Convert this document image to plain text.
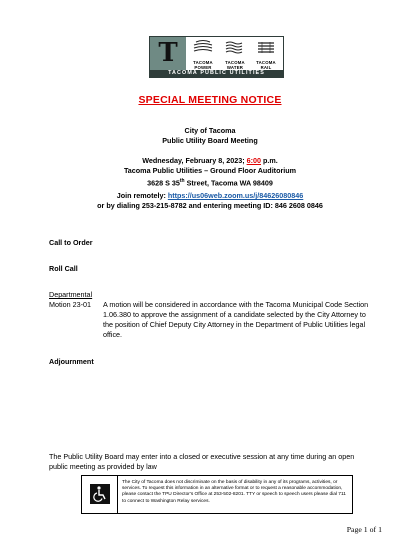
T	TACOMA
POWER
TACOMA
WATER
TACOMA
RAIL
TACOMA PUBLIC UTILITIES
SPECIAL MEETING NOTICE
City of Tacoma
Public Utility Board Meeting
Wednesday, February 8, 2023; 6:00 p.m.
Tacoma Public Utilities – Ground Floor Auditorium
3628 S 35th Street, Tacoma WA 98409
Join remotely: https://us06web.zoom.us/j/84626080846
or by dialing 253-215-8782 and entering meeting ID: 846 2608 0846
Call to Order
Roll Call
Departmental
Motion 23-01 A motion will be considered in accordance with the Tacoma Municipal Code Section 1.06.380 to approve the assignment of a candidate selected by the City Attorney to the position of Chief Deputy City Attorney in the Department of Public Utilities legal office.
Adjournment
The Public Utility Board may enter into a closed or executive session at any time during an open public meeting as provided by law
The City of Tacoma does not discriminate on the basis of disability in any of its programs, activities, or services. To request this information in an alternative format or to request a reasonable accommodation, please contact the TPU Director's Office at 253-502-8201. TTY or speech to speech users please dial 711 to connect to Washington Relay services.
Page 1 of 1
